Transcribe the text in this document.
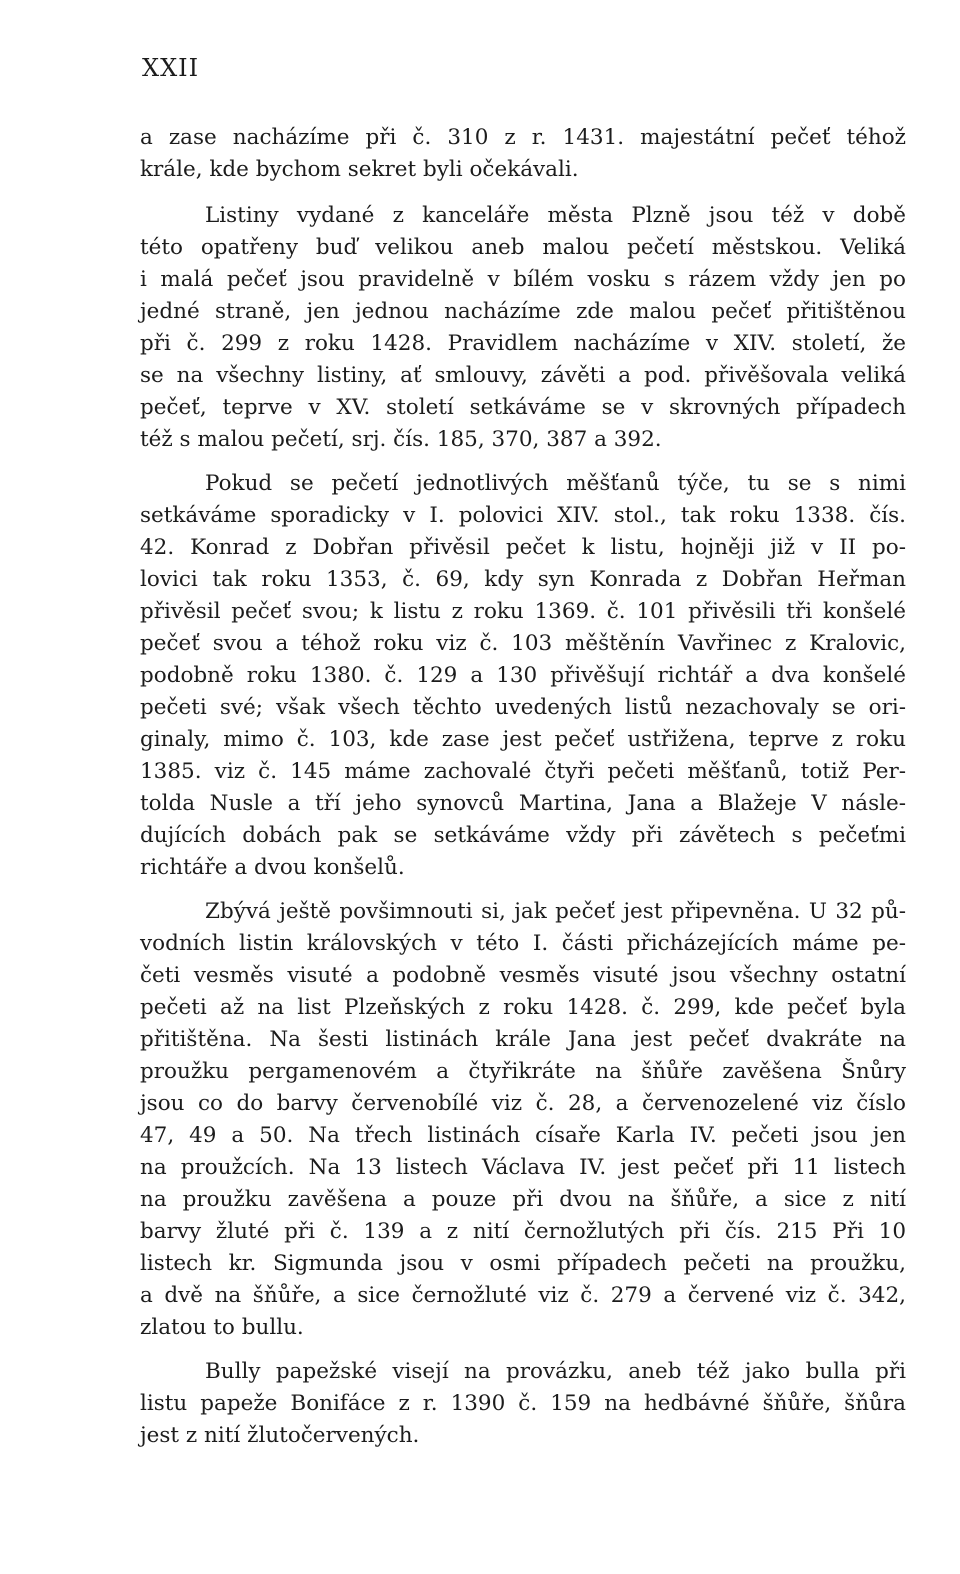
XXII
a zase nacházíme při č. 310 z r. 1431. majestátní pečeť téhož
krále, kde bychom sekret byli očekávali.
Listiny vydané z kanceláře města Plzně jsou též v době
této opatřeny buď velikou aneb malou pečetí městskou. Veliká
i malá pečeť jsou pravidelně v bílém vosku s rázem vždy jen po
jedné straně, jen jednou nacházíme zde malou pečeť přitištěnou
při č. 299 z roku 1428. Pravidlem nacházíme v XIV. století, že
se na všechny listiny, ať smlouvy, závěti a pod. přivěšovala veliká
pečeť, teprve v XV. století setkáváme se v skrovných případech
též s malou pečetí, srj. čís. 185, 370, 387 a 392.
Pokud se pečetí jednotlivých měšťanů týče, tu se s nimi
setkáváme sporadicky v I. polovici XIV. stol., tak roku 1338. čís.
42. Konrad z Dobřan přivěsil pečet k listu, hojněji již v II po-
lovici tak roku 1353, č. 69, kdy syn Konrada z Dobřan Heřman
přivěsil pečeť svou; k listu z roku 1369. č. 101 přivěsili tři konšelé
pečeť svou a téhož roku viz č. 103 měštěnín Vavřinec z Kralovic,
podobně roku 1380. č. 129 a 130 přivěšují richtář a dva konšelé
pečeti své; však všech těchto uvedených listů nezachovaly se ori-
ginaly, mimo č. 103, kde zase jest pečeť ustřižena, teprve z roku
1385. viz č. 145 máme zachovalé čtyři pečeti měšťanů, totiž Per-
tolda Nusle a tří jeho synovců Martina, Jana a Blažeje V násle-
dujících dobách pak se setkáváme vždy při závětech s pečeťmi
richtáře a dvou konšelů.
Zbývá ještě povšimnouti si, jak pečeť jest připevněna. U 32 pů-
vodních listin královských v této I. části přicházejících máme pe-
četi vesměs visuté a podobně vesměs visuté jsou všechny ostatní
pečeti až na list Plzeňských z roku 1428. č. 299, kde pečeť byla
přitištěna. Na šesti listinách krále Jana jest pečeť dvakráte na
proužku pergamenovém a čtyřikráte na šňůře zavěšena Šnůry
jsou co do barvy červenobílé viz č. 28, a červenozelené viz číslo
47, 49 a 50. Na třech listinách císaře Karla IV. pečeti jsou jen
na proužcích. Na 13 listech Václava IV. jest pečeť při 11 listech
na proužku zavěšena a pouze při dvou na šňůře, a sice z nití
barvy žluté při č. 139 a z nití černožlutých při čís. 215 Při 10
listech kr. Sigmunda jsou v osmi případech pečeti na proužku,
a dvě na šňůře, a sice černožluté viz č. 279 a červené viz č. 342,
zlatou to bullu.
Bully papežské visejí na provázku, aneb též jako bulla při
listu papeže Bonifáce z r. 1390 č. 159 na hedbávné šňůře, šňůra
jest z nití žlutočervených.
